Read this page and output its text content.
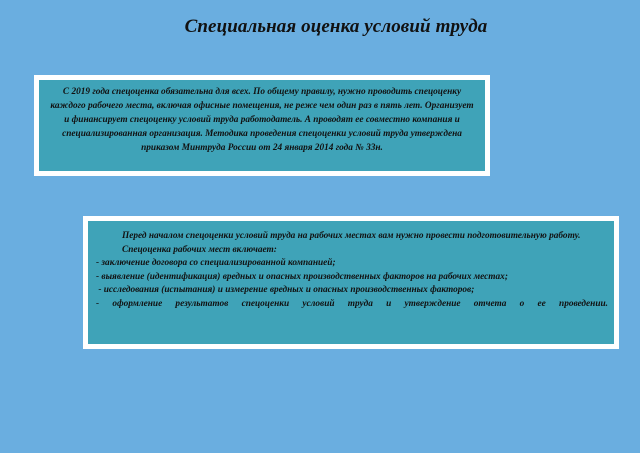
Специальная оценка условий труда
С 2019 года спецоценка обязательна для всех. По общему правилу, нужно проводить спецоценку каждого рабочего места, включая офисные помещения, не реже чем один раз в пять лет. Организует и финансирует спецоценку условий труда работодатель. А проводят ее совместно компания и специализированная организация. Методика проведения спецоценки условий труда утверждена приказом Минтруда России от 24 января 2014 года № 33н.

Перед началом спецоценки условий труда на рабочих местах вам нужно провести подготовительную работу.

Спецоценка рабочих мест включает:

- заключение договора со специализированной компанией;

- выявление (идентификация) вредных и опасных производственных факторов на рабочих местах;

- исследования (испытания) и измерение вредных и опасных производственных факторов;

- оформление результатов спецоценки условий труда и утверждение отчета о ее проведении.
